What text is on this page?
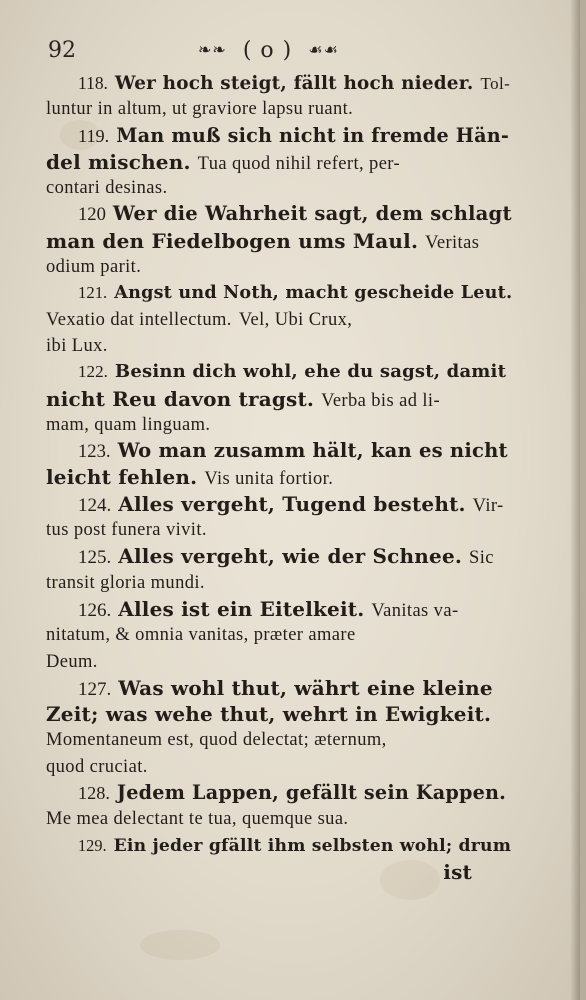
92	❧❧ ( o ) ☙☙
118. Wer hoch steigt, fällt hoch nieder. Tol-
luntur in altum, ut graviore lapsu ruant.
119. Man muß sich nicht in fremde Hän-
del mischen. Tua quod nihil refert, per-
contari desinas.
120 Wer die Wahrheit sagt, dem schlagt
man den Fiedelbogen ums Maul. Veritas
odium parit.
121. Angst und Noth, macht gescheide Leut.
Vexatio dat intellectum. Vel, Ubi Crux,
ibi Lux.
122. Besinn dich wohl, ehe du sagst, damit
nicht Reu davon tragst. Verba bis ad li-
mam, quam linguam.
123. Wo man zusamm hält, kan es nicht
leicht fehlen. Vis unita fortior.
124. Alles vergeht, Tugend besteht. Vir-
tus post funera vivit.
125. Alles vergeht, wie der Schnee. Sic
transit gloria mundi.
126. Alles ist ein Eitelkeit. Vanitas va-
nitatum, & omnia vanitas, præter amare
Deum.
127. Was wohl thut, währt eine kleine
Zeit; was wehe thut, wehrt in Ewigkeit.
Momentaneum est, quod delectat; æternum,
quod cruciat.
128. Jedem Lappen, gefällt sein Kappen.
Me mea delectant te tua, quemque sua.
129. Ein jeder gfällt ihm selbsten wohl; drum
ist
